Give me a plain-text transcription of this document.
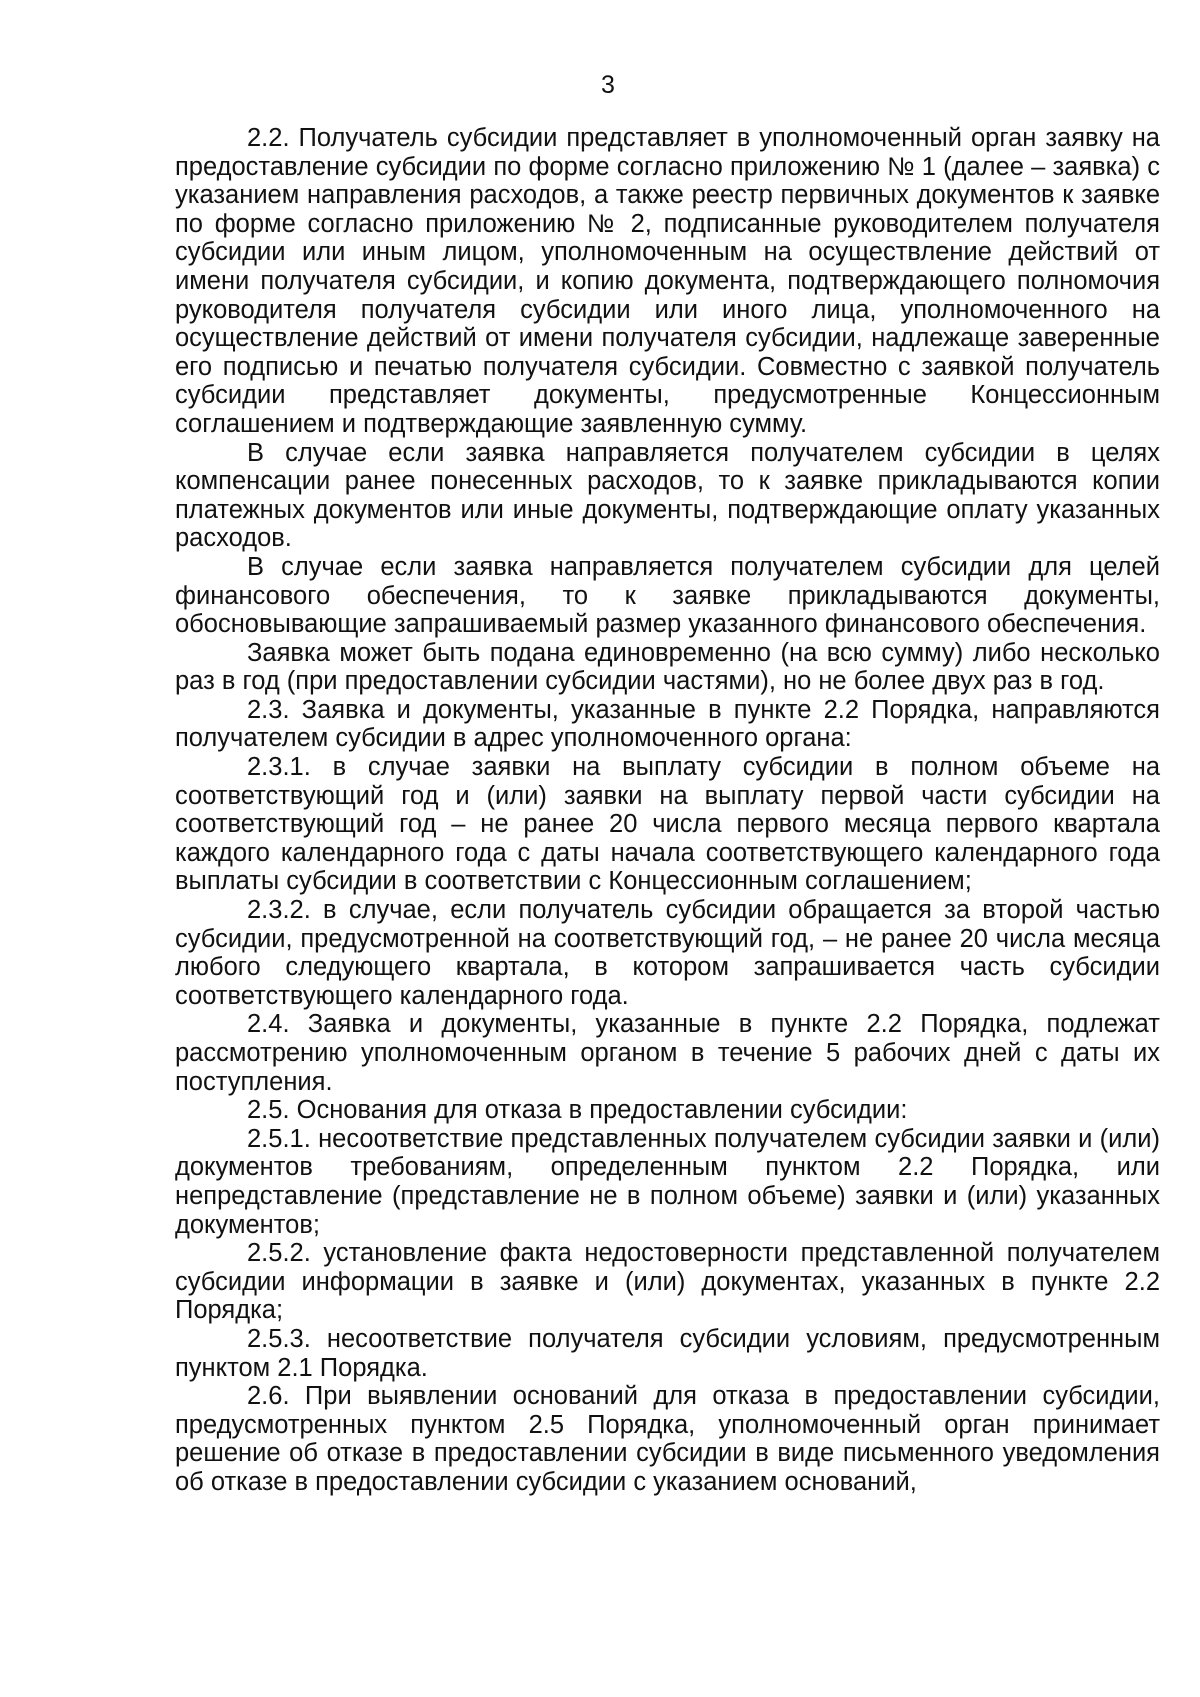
3

2.2. Получатель субсидии представляет в уполномоченный орган заявку на предоставление субсидии по форме согласно приложению № 1 (далее – заявка) с указанием направления расходов, а также реестр первичных документов к заявке по форме согласно приложению № 2, подписанные руководителем получателя субсидии или иным лицом, уполномоченным на осуществление действий от имени получателя субсидии, и копию документа, подтверждающего полномочия руководителя получателя субсидии или иного лица, уполномоченного на осуществление действий от имени получателя субсидии, надлежаще заверенные его подписью и печатью получателя субсидии. Совместно с заявкой получатель субсидии представляет документы, предусмотренные Концессионным соглашением и подтверждающие заявленную сумму.

В случае если заявка направляется получателем субсидии в целях компенсации ранее понесенных расходов, то к заявке прикладываются копии платежных документов или иные документы, подтверждающие оплату указанных расходов.

В случае если заявка направляется получателем субсидии для целей финансового обеспечения, то к заявке прикладываются документы, обосновывающие запрашиваемый размер указанного финансового обеспечения.

Заявка может быть подана единовременно (на всю сумму) либо несколько раз в год (при предоставлении субсидии частями), но не более двух раз в год.

2.3. Заявка и документы, указанные в пункте 2.2 Порядка, направляются получателем субсидии в адрес уполномоченного органа:

2.3.1. в случае заявки на выплату субсидии в полном объеме на соответствующий год и (или) заявки на выплату первой части субсидии на соответствующий год – не ранее 20 числа первого месяца первого квартала каждого календарного года с даты начала соответствующего календарного года выплаты субсидии в соответствии с Концессионным соглашением;

2.3.2. в случае, если получатель субсидии обращается за второй частью субсидии, предусмотренной на соответствующий год, – не ранее 20 числа месяца любого следующего квартала, в котором запрашивается часть субсидии соответствующего календарного года.

2.4. Заявка и документы, указанные в пункте 2.2 Порядка, подлежат рассмотрению уполномоченным органом в течение 5 рабочих дней с даты их поступления.

2.5. Основания для отказа в предоставлении субсидии:

2.5.1. несоответствие представленных получателем субсидии заявки и (или) документов требованиям, определенным пунктом 2.2 Порядка, или непредставление (представление не в полном объеме) заявки и (или) указанных документов;

2.5.2. установление факта недостоверности представленной получателем субсидии информации в заявке и (или) документах, указанных в пункте 2.2 Порядка;

2.5.3. несоответствие получателя субсидии условиям, предусмотренным пунктом 2.1 Порядка.

2.6. При выявлении оснований для отказа в предоставлении субсидии, предусмотренных пунктом 2.5 Порядка, уполномоченный орган принимает решение об отказе в предоставлении субсидии в виде письменного уведомления об отказе в предоставлении субсидии с указанием оснований,
